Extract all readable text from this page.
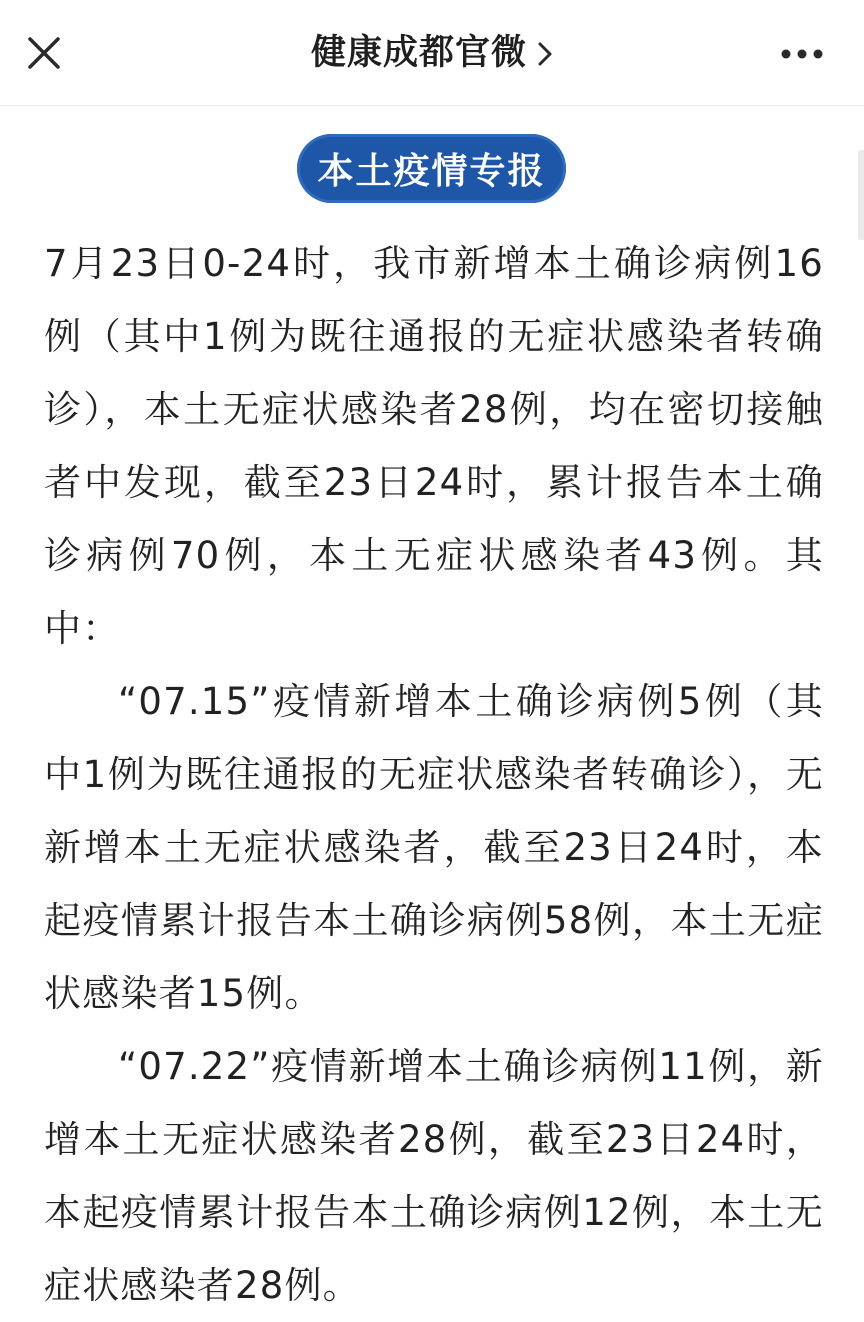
健康成都官微
本土疫情专报

7月23日0-24时，我市新增本土确诊病例16例（其中1例为既往通报的无症状感染者转确诊），本土无症状感染者28例，均在密切接触者中发现，截至23日24时，累计报告本土确诊病例70例，本土无症状感染者43例。其中：

“07.15”疫情新增本土确诊病例5例（其中1例为既往通报的无症状感染者转确诊），无新增本土无症状感染者，截至23日24时，本起疫情累计报告本土确诊病例58例，本土无症状感染者15例。

“07.22”疫情新增本土确诊病例11例，新增本土无症状感染者28例，截至23日24时，本起疫情累计报告本土确诊病例12例，本土无症状感染者28例。
